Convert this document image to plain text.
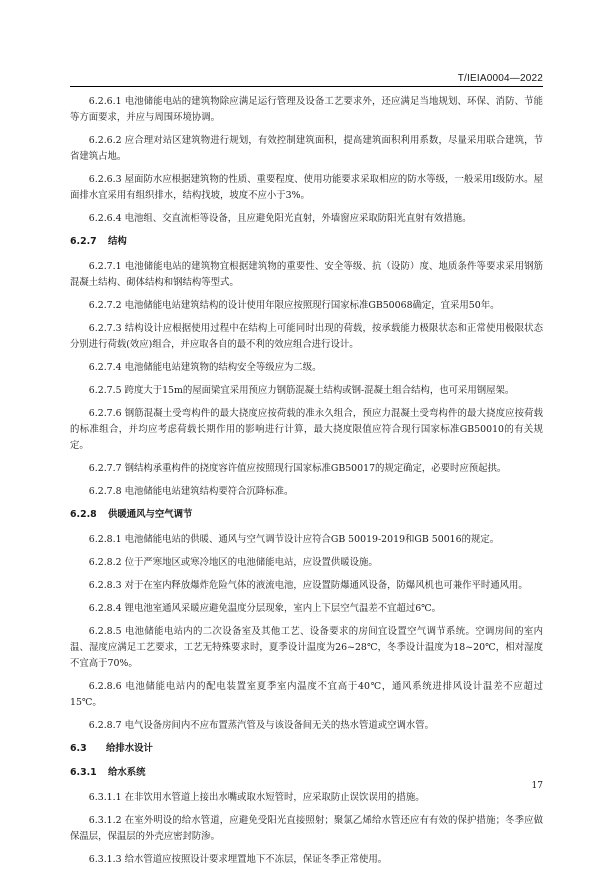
T/IEIA0004—2022

6.2.6.1 电池储能电站的建筑物除应满足运行管理及设备工艺要求外，还应满足当地规划、环保、消防、节能等方面要求，并应与周围环境协调。

6.2.6.2 应合理对站区建筑物进行规划，有效控制建筑面积，提高建筑面积利用系数，尽量采用联合建筑，节省建筑占地。

6.2.6.3 屋面防水应根据建筑物的性质、重要程度、使用功能要求采取相应的防水等级，一般采用Ⅰ级防水。屋面排水宜采用有组织排水，结构找坡，坡度不应小于3%。

6.2.6.4 电池组、交直流柜等设备，且应避免阳光直射，外墙窗应采取防阳光直射有效措施。

6.2.7 结构

6.2.7.1 电池储能电站的建筑物宜根据建筑物的重要性、安全等级、抗（设防）度、地质条件等要求采用钢筋混凝土结构、砌体结构和钢结构等型式。

6.2.7.2 电池储能电站建筑结构的设计使用年限应按照现行国家标准GB50068确定，宜采用50年。

6.2.7.3 结构设计应根据使用过程中在结构上可能同时出现的荷载，按承载能力极限状态和正常使用极限状态分别进行荷载(效应)组合，并应取各自的最不利的效应组合进行设计。

6.2.7.4 电池储能电站建筑物的结构安全等级应为二级。

6.2.7.5 跨度大于15m的屋面梁宜采用预应力钢筋混凝土结构或钢-混凝土组合结构，也可采用钢屋架。

6.2.7.6 钢筋混凝土受弯构件的最大挠度应按荷载的准永久组合，预应力混凝土受弯构件的最大挠度应按荷载的标准组合，并均应考虑荷载长期作用的影响进行计算，最大挠度限值应符合现行国家标准GB50010的有关规定。

6.2.7.7 钢结构承重构件的挠度容许值应按照现行国家标准GB50017的规定确定，必要时应预起拱。

6.2.7.8 电池储能电站建筑结构要符合沉降标准。

6.2.8 供暖通风与空气调节

6.2.8.1 电池储能电站的供暖、通风与空气调节设计应符合GB 50019-2019和GB 50016的规定。

6.2.8.2 位于严寒地区或寒冷地区的电池储能电站，应设置供暖设施。

6.2.8.3 对于在室内释放爆炸危险气体的液流电池，应设置防爆通风设备，防爆风机也可兼作平时通风用。

6.2.8.4 锂电池室通风采暖应避免温度分层现象，室内上下层空气温差不宜超过6℃。

6.2.8.5 电池储能电站内的二次设备室及其他工艺、设备要求的房间宜设置空气调节系统。空调房间的室内温、湿度应满足工艺要求，工艺无特殊要求时，夏季设计温度为26~28℃，冬季设计温度为18~20℃，相对湿度不宜高于70%。

6.2.8.6 电池储能电站内的配电装置室夏季室内温度不宜高于40℃，通风系统进排风设计温差不应超过15℃。

6.2.8.7 电气设备房间内不应布置蒸汽管及与该设备间无关的热水管道或空调水管。

6.3 给排水设计
6.3.1 给水系统

6.3.1.1 在非饮用水管道上接出水嘴或取水短管时，应采取防止误饮误用的措施。

6.3.1.2 在室外明设的给水管道，应避免受阳光直接照射；聚氯乙烯给水管还应有有效的保护措施；冬季应做保温层，保温层的外壳应密封防渗。

6.3.1.3 给水管道应按照设计要求埋置地下不冻层，保证冬季正常使用。

17
